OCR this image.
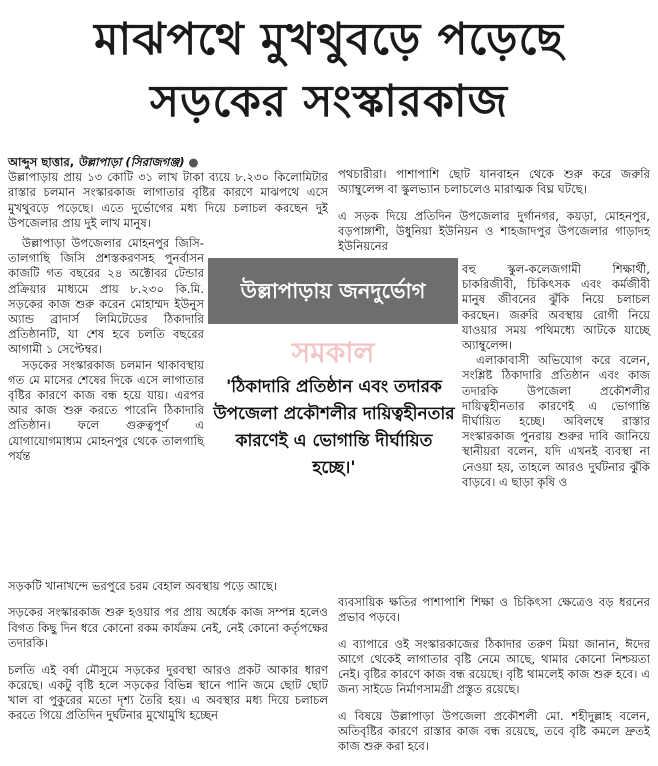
মাঝপথে মুখথুবড়ে পড়েছে
সড়কের সংস্কারকাজ

আব্দুস ছাত্তার, উল্লাপাড়া (সিরাজগঞ্জ) ●
উল্লাপাড়ায় প্রায় ১৩ কোটি ৩১ লাখ টাকা ব্যয়ে ৮.২৩০ কিলোমিটার রাস্তার চলমান সংস্কারকাজ লাগাতার বৃষ্টির কারণে মাঝপথে এসে মুখথুবড়ে পড়েছে। এতে দুর্ভোগের মধ্য দিয়ে চলাচল করছেন দুই উপজেলার প্রায় দুই লাখ মানুষ।

উল্লাপাড়া উপজেলার মোহনপুর জিসি-তালগাছি জিসি প্রশস্তকরণসহ পুনর্বাসন কাজটি গত বছরের ২৪ অক্টোবর টেন্ডার প্রক্রিয়ার মাধ্যমে প্রায় ৮.২৩০ কি.মি. সড়কের কাজ শুরু করেন মোহাম্মদ ইউনুস অ্যান্ড ব্রাদার্স লিমিটেডের ঠিকাদারি প্রতিষ্ঠানটি, যা শেষ হবে চলতি বছরের আগামী ১ সেপ্টেম্বর।

সড়কের সংস্কারকাজ চলমান থাকাবস্থায় গত মে মাসের শেষের দিকে এসে লাগাতার বৃষ্টির কারণে কাজ বন্ধ হয়ে যায়। এরপর আর কাজ শুরু করতে পারেনি ঠিকাদারি প্রতিষ্ঠান। ফলে গুরুত্বপূর্ণ এ যোগাযোগমাধ্যম মোহনপুর থেকে তালগাছি পর্যন্ত

সড়কটি খানাখন্দে ভরপুরে চরম বেহাল অবস্থায় পড়ে আছে।

সড়কের সংস্কারকাজ শুরু হওয়ার পর প্রায় অর্ধেক কাজ সম্পন্ন হলেও বিগত কিছু দিন ধরে কোনো রকম কার্যক্রম নেই, নেই কোনো কর্তৃপক্ষের তদারকি।

চলতি এই বর্ষা মৌসুমে সড়কের দুরবস্থা আরও প্রকট আকার ধারণ করেছে। একটু বৃষ্টি হলে সড়কের বিভিন্ন স্থানে পানি জমে ছোট ছোট খাল বা পুকুরের মতো দৃশ্য তৈরি হয়। এ অবস্থার মধ্য দিয়ে চলাচল করতে গিয়ে প্রতিদিন দুর্ঘটনার মুখোমুখি হচ্ছেন

পথচারীরা। পাশাপাশি ছোট যানবাহন থেকে শুরু করে জরুরি অ্যাম্বুলেন্স বা স্কুলভ্যান চলাচলেও মারাত্মক বিঘ্ন ঘটছে।

এ সড়ক দিয়ে প্রতিদিন উপজেলার দুর্গানগর, কয়ড়া, মোহনপুর, বড়পাঙ্গাশী, উধুনিয়া ইউনিয়ন ও শাহজাদপুর উপজেলার গাড়াদহ ইউনিয়নের

বহু স্কুল-কলেজগামী শিক্ষার্থী, চাকরিজীবী, চিকিৎসক এবং কর্মজীবী মানুষ জীবনের ঝুঁকি নিয়ে চলাচল করছেন। জরুরি অবস্থায় রোগী নিয়ে যাওয়ার সময় পথিমধ্যে আটকে যাচ্ছে অ্যাম্বুলেন্স।

এলাকাবাসী অভিযোগ করে বলেন, সংশ্লিষ্ট ঠিকাদারি প্রতিষ্ঠান এবং কাজ তদারকি উপজেলা প্রকৌশলীর দায়িত্বহীনতার কারণেই এ ভোগান্তি দীর্ঘায়িত হচ্ছে। অবিলম্বে রাস্তার সংস্কারকাজ পুনরায় শুরুর দাবি জানিয়ে স্থানীয়রা বলেন, যদি এখনই ব্যবস্থা না নেওয়া হয়, তাহলে আরও দুর্ঘটনার ঝুঁকি বাড়বে। এ ছাড়া কৃষি ও

ব্যবসায়িক ক্ষতির পাশাপাশি শিক্ষা ও চিকিৎসা ক্ষেত্রেও বড় ধরনের প্রভাব পড়বে।

এ ব্যাপারে ওই সংস্কারকাজের ঠিকাদার তরুণ মিয়া জানান, ঈদের আগে থেকেই লাগাতার বৃষ্টি নেমে আছে, থামার কোনো নিশ্চয়তা নেই। বৃষ্টির কারণে কাজ বন্ধ রয়েছে। বৃষ্টি থামলেই কাজ শুরু হবে। এ জন্য সাইডে নির্মাণসামগ্রী প্রস্তুত রয়েছে।

এ বিষয়ে উল্লাপাড়া উপজেলা প্রকৌশলী মো. শহীদুল্লাহ বলেন, অতিবৃষ্টির কারণে রাস্তার কাজ বন্ধ রয়েছে, তবে বৃষ্টি কমলে দ্রুতই কাজ শুরু করা হবে।

উল্লাপাড়ায় জনদুর্ভোগ
সমকাল
'ঠিকাদারি প্রতিষ্ঠান এবং তদারক উপজেলা প্রকৌশলীর দায়িত্বহীনতার কারণেই এ ভোগান্তি দীর্ঘায়িত হচ্ছে।'
